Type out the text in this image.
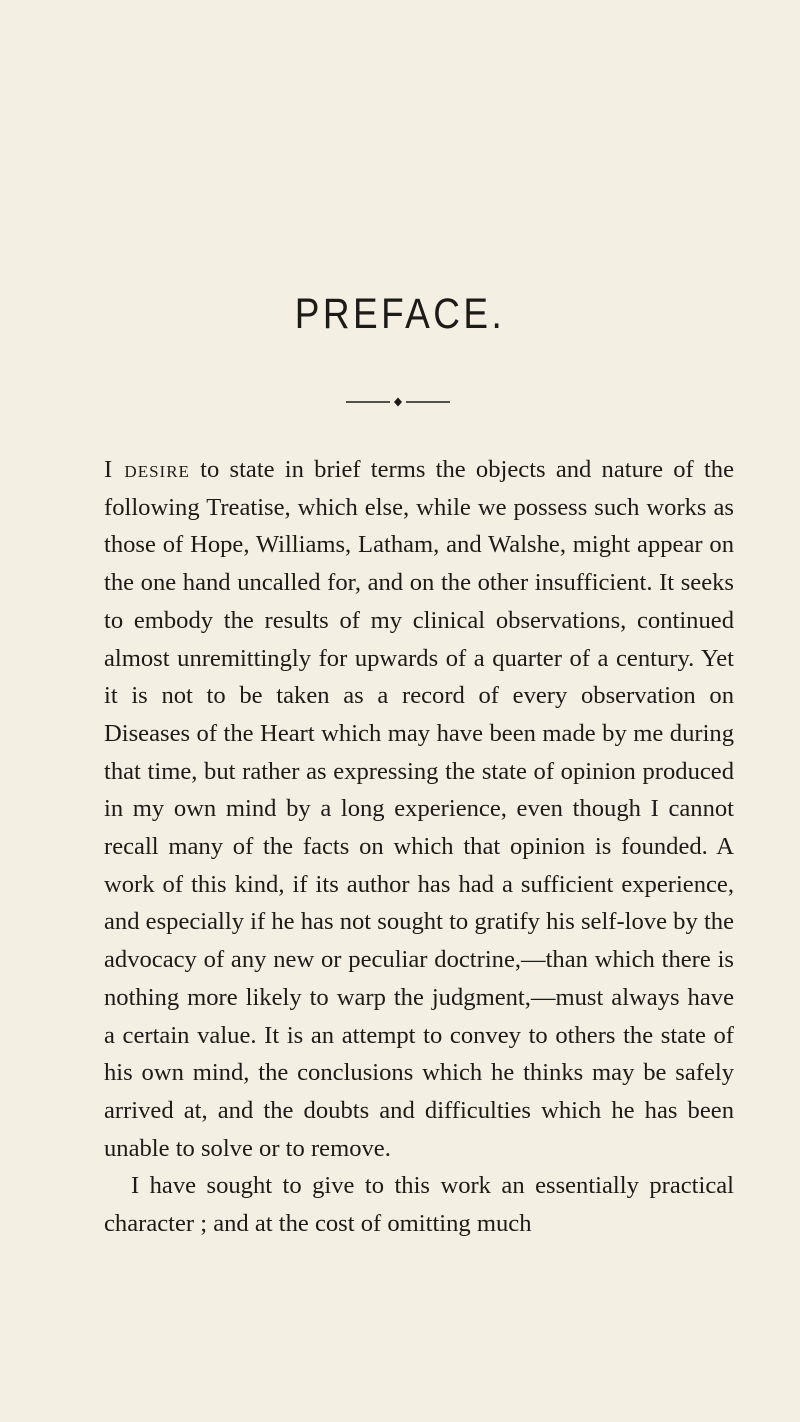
PREFACE.

I desire to state in brief terms the objects and nature of the following Treatise, which else, while we possess such works as those of Hope, Williams, Latham, and Walshe, might appear on the one hand uncalled for, and on the other insufficient. It seeks to embody the results of my clinical observations, continued almost unremittingly for upwards of a quarter of a century. Yet it is not to be taken as a record of every observation on Diseases of the Heart which may have been made by me during that time, but rather as expressing the state of opinion produced in my own mind by a long experience, even though I cannot recall many of the facts on which that opinion is founded. A work of this kind, if its author has had a sufficient experience, and especially if he has not sought to gratify his self-love by the advocacy of any new or peculiar doctrine,—than which there is nothing more likely to warp the judgment,—must always have a certain value. It is an attempt to convey to others the state of his own mind, the conclusions which he thinks may be safely arrived at, and the doubts and difficulties which he has been unable to solve or to remove.

I have sought to give to this work an essentially practical character ; and at the cost of omitting much
